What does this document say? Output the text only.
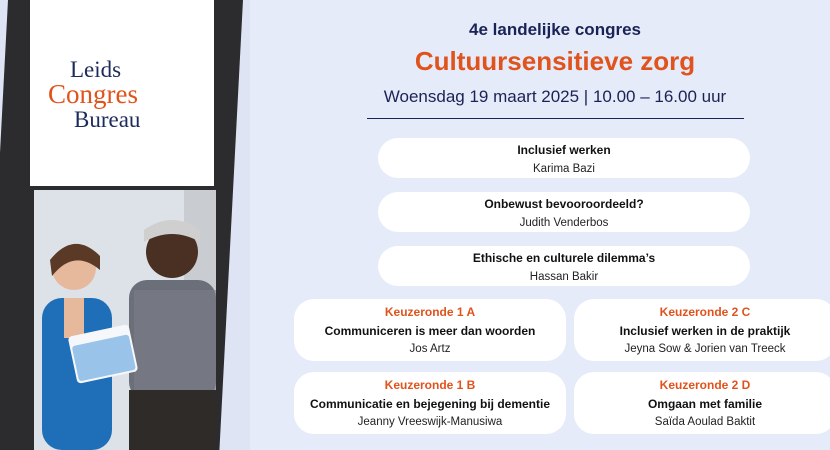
Leids
Congres
Bureau
4e landelijke congres
Cultuursensitieve zorg
Woensdag 19 maart 2025 | 10.00 – 16.00 uur
Inclusief werken
Karima Bazi
Onbewust bevooroordeeld?
Judith Venderbos
Ethische en culturele dilemma’s
Hassan Bakir
Keuzeronde 1 A
Communiceren is meer dan woorden
Jos Artz
Keuzeronde 2 C
Inclusief werken in de praktijk
Jeyna Sow & Jorien van Treeck
Keuzeronde 1 B
Communicatie en bejegening bij dementie
Jeanny Vreeswijk-Manusiwa
Keuzeronde 2 D
Omgaan met familie
Saïda Aoulad Baktit
